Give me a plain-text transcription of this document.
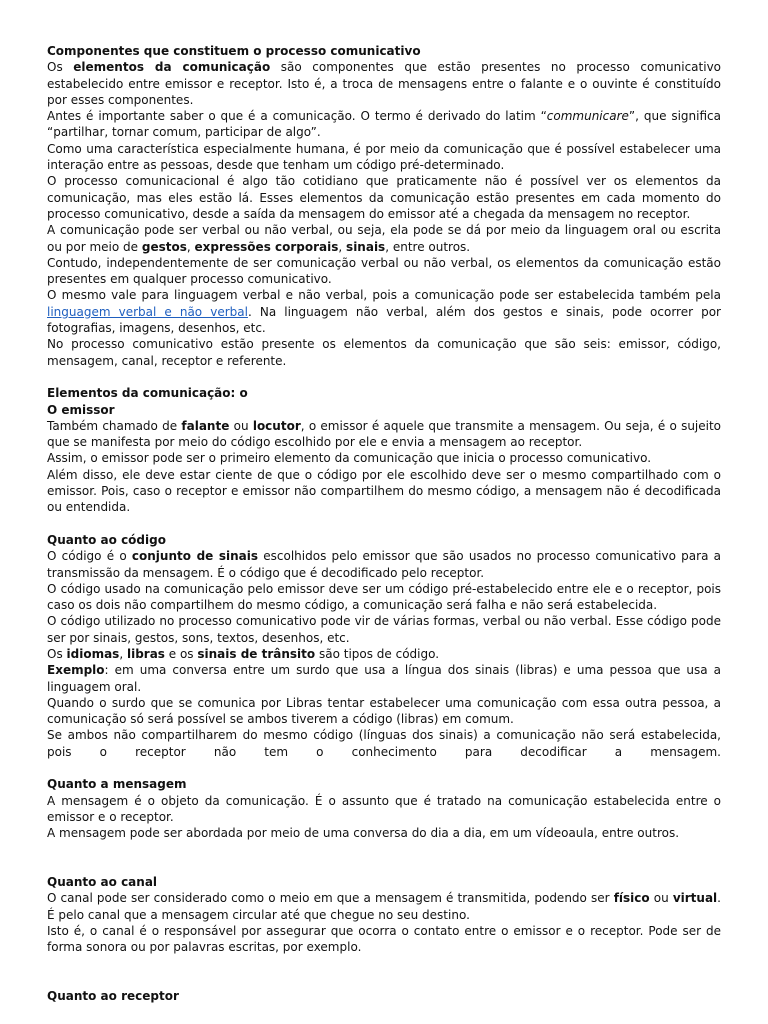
Componentes que constituem o processo comunicativo

Os elementos da comunicação são componentes que estão presentes no processo comunicativo estabelecido entre emissor e receptor. Isto é, a troca de mensagens entre o falante e o ouvinte é constituído por esses componentes.

Antes é importante saber o que é a comunicação. O termo é derivado do latim “communicare”, que significa “partilhar, tornar comum, participar de algo”.

Como uma característica especialmente humana, é por meio da comunicação que é possível estabelecer uma interação entre as pessoas, desde que tenham um código pré-determinado.

O processo comunicacional é algo tão cotidiano que praticamente não é possível ver os elementos da comunicação, mas eles estão lá. Esses elementos da comunicação estão presentes em cada momento do processo comunicativo, desde a saída da mensagem do emissor até a chegada da mensagem no receptor.

A comunicação pode ser verbal ou não verbal, ou seja, ela pode se dá por meio da linguagem oral ou escrita ou por meio de gestos, expressões corporais, sinais, entre outros.

Contudo, independentemente de ser comunicação verbal ou não verbal, os elementos da comunicação estão presentes em qualquer processo comunicativo.

O mesmo vale para linguagem verbal e não verbal, pois a comunicação pode ser estabelecida também pela linguagem verbal e não verbal. Na linguagem não verbal, além dos gestos e sinais, pode ocorrer por fotografias, imagens, desenhos, etc.

No processo comunicativo estão presente os elementos da comunicação que são seis: emissor, código, mensagem, canal, receptor e referente.

Elementos da comunicação: o

O emissor

Também chamado de falante ou locutor, o emissor é aquele que transmite a mensagem. Ou seja, é o sujeito que se manifesta por meio do código escolhido por ele e envia a mensagem ao receptor.

Assim, o emissor pode ser o primeiro elemento da comunicação que inicia o processo comunicativo.

Além disso, ele deve estar ciente de que o código por ele escolhido deve ser o mesmo compartilhado com o emissor. Pois, caso o receptor e emissor não compartilhem do mesmo código, a mensagem não é decodificada ou entendida.

Quanto ao código

O código é o conjunto de sinais escolhidos pelo emissor que são usados no processo comunicativo para a transmissão da mensagem. É o código que é decodificado pelo receptor.

O código usado na comunicação pelo emissor deve ser um código pré-estabelecido entre ele e o receptor, pois caso os dois não compartilhem do mesmo código, a comunicação será falha e não será estabelecida.

O código utilizado no processo comunicativo pode vir de várias formas, verbal ou não verbal. Esse código pode ser por sinais, gestos, sons, textos, desenhos, etc.

Os idiomas, libras e os sinais de trânsito são tipos de código.

Exemplo: em uma conversa entre um surdo que usa a língua dos sinais (libras) e uma pessoa que usa a linguagem oral.

Quando o surdo que se comunica por Libras tentar estabelecer uma comunicação com essa outra pessoa, a comunicação só será possível se ambos tiverem a código (libras) em comum.

Se ambos não compartilharem do mesmo código (línguas dos sinais) a comunicação não será estabelecida, pois o receptor não tem o conhecimento para decodificar a mensagem.

Quanto a mensagem

A mensagem é o objeto da comunicação. É o assunto que é tratado na comunicação estabelecida entre o emissor e o receptor.

A mensagem pode ser abordada por meio de uma conversa do dia a dia, em um vídeoaula, entre outros.

Quanto ao canal

O canal pode ser considerado como o meio em que a mensagem é transmitida, podendo ser físico ou virtual. É pelo canal que a mensagem circular até que chegue no seu destino.

Isto é, o canal é o responsável por assegurar que ocorra o contato entre o emissor e o receptor. Pode ser de forma sonora ou por palavras escritas, por exemplo.

Quanto ao receptor
